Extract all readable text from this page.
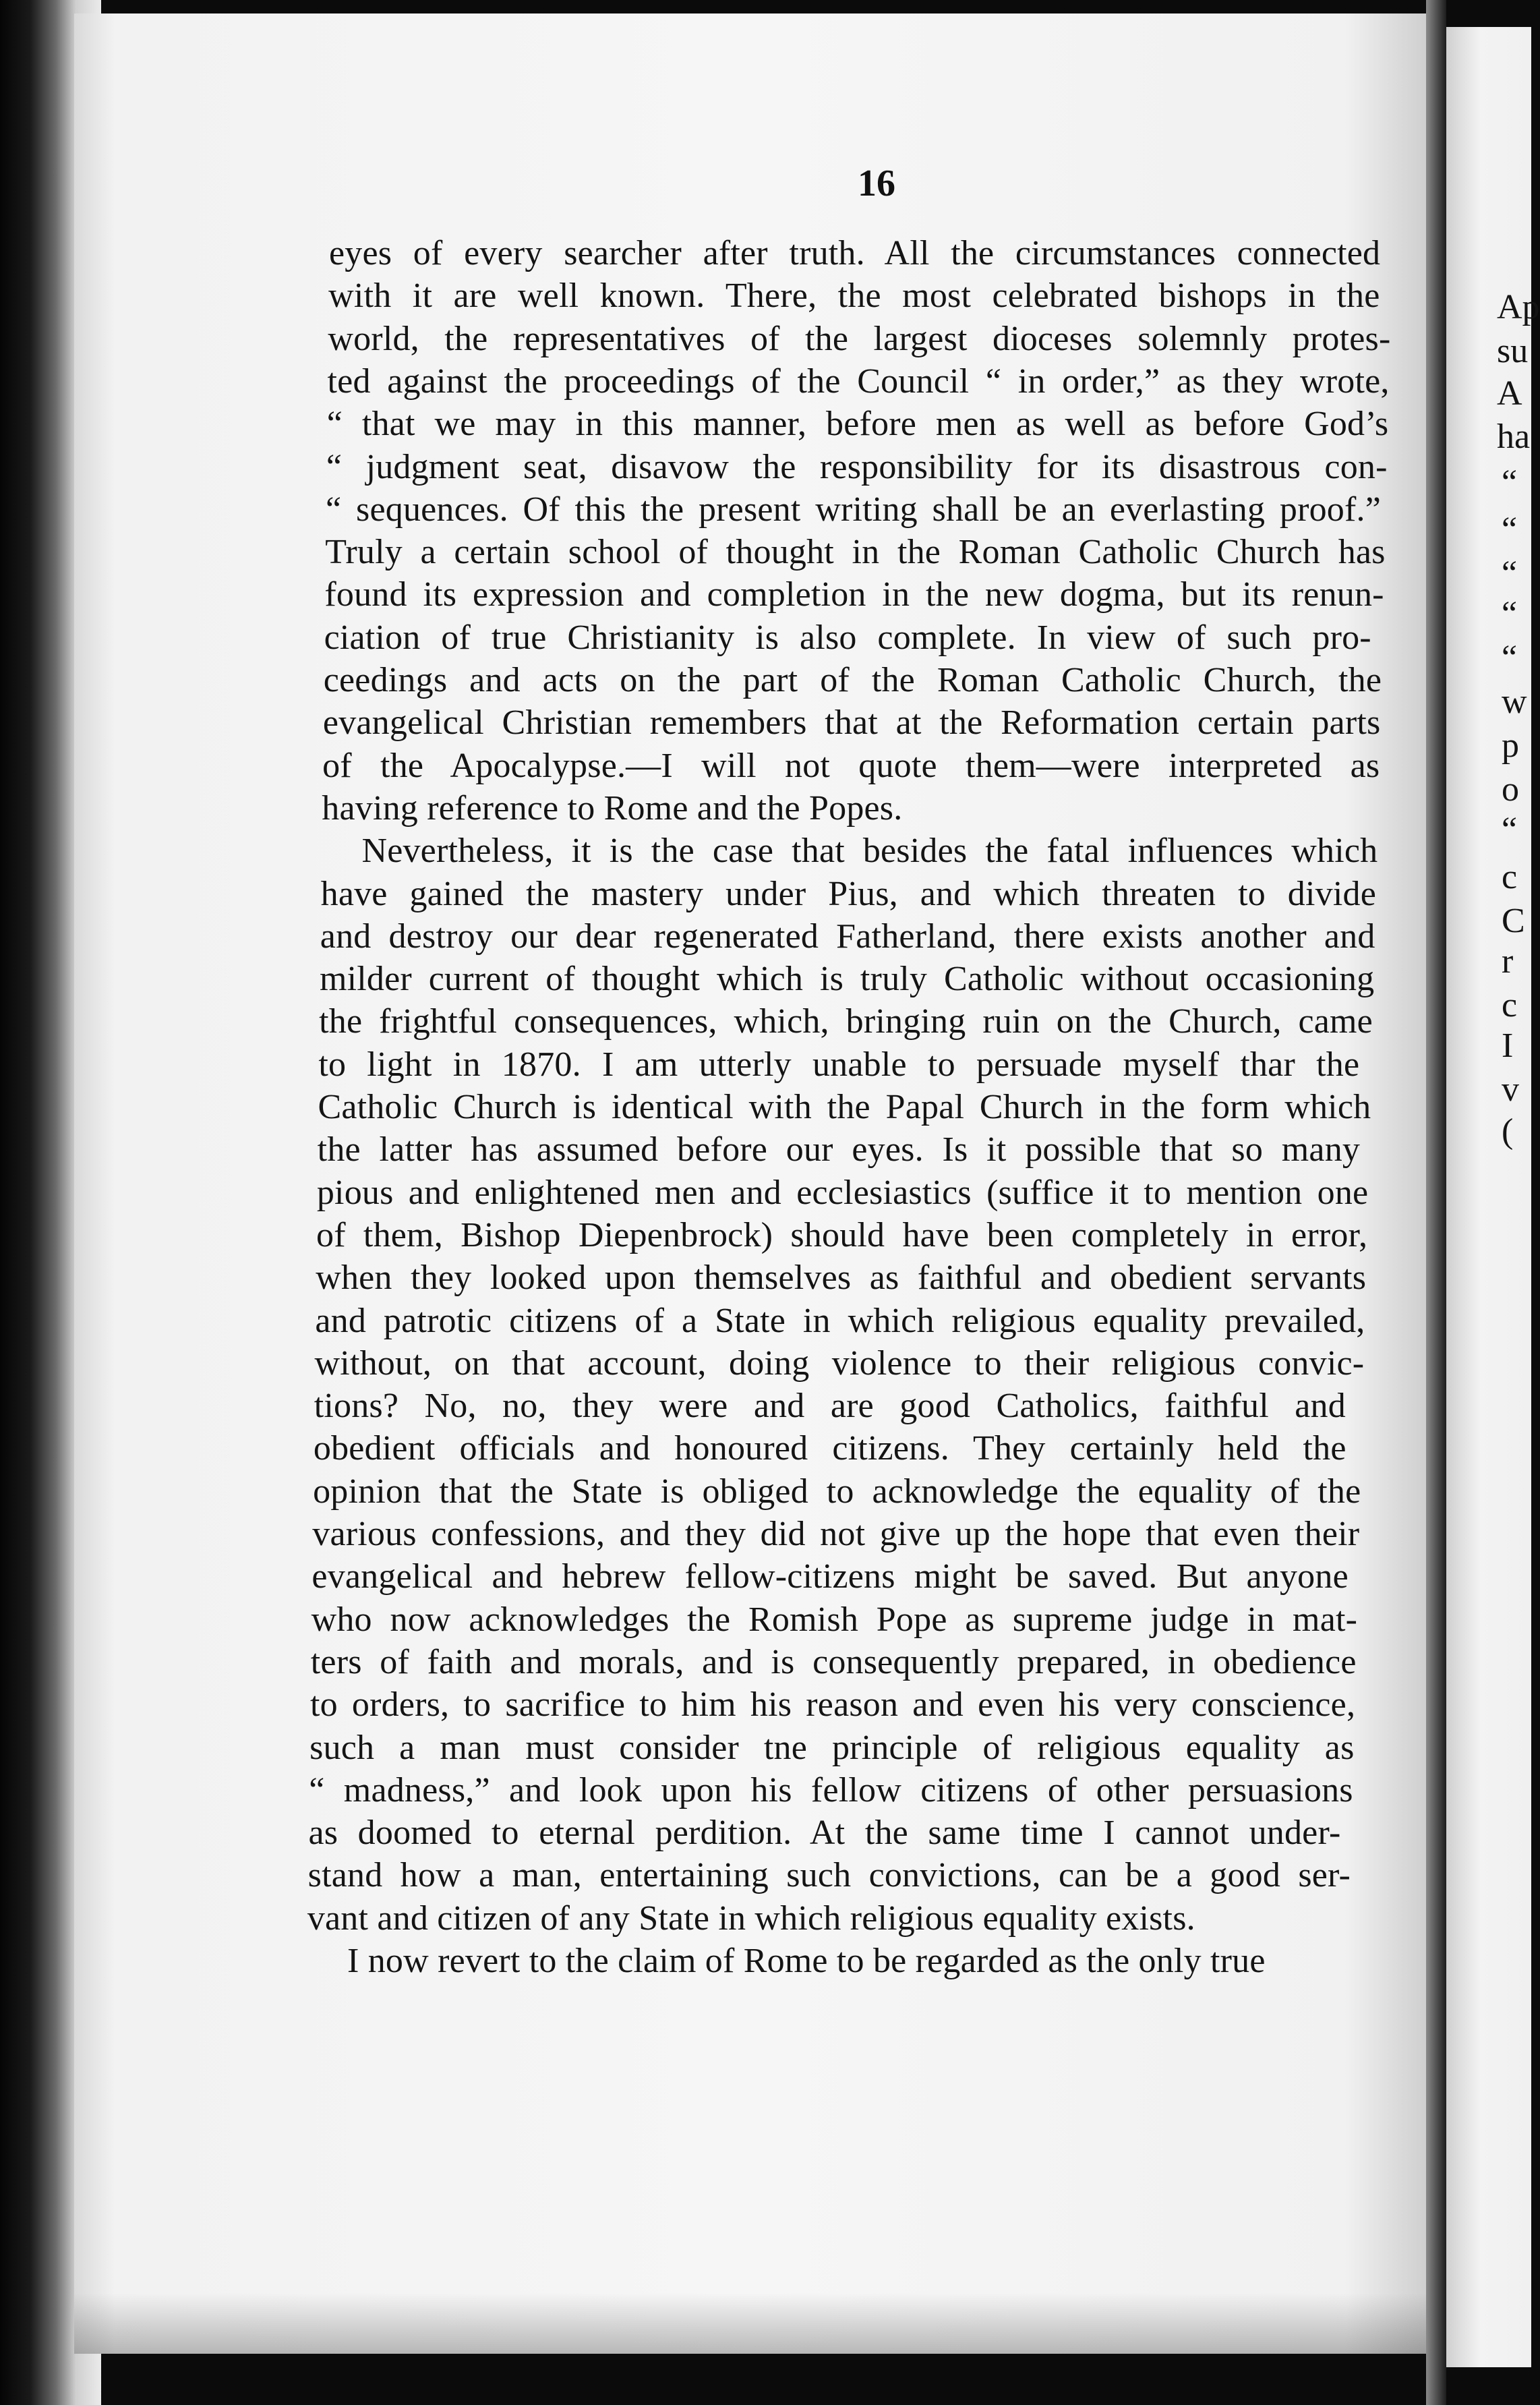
Ap
su
A
ha
“
“
“
“
“
w
p
o
“
c
C
r
c
I
v
(
16
eyes of every searcher after truth. All the circumstances connected
with it are well known. There, the most celebrated bishops in the
world, the representatives of the largest dioceses solemnly protes-
ted against the proceedings of the Council “ in order,” as they wrote,
“ that we may in this manner, before men as well as before God’s
“ judgment seat, disavow the responsibility for its disastrous con-
“ sequences. Of this the present writing shall be an everlasting proof.”
Truly a certain school of thought in the Roman Catholic Church has
found its expression and completion in the new dogma, but its renun-
ciation of true Christianity is also complete. In view of such pro-
ceedings and acts on the part of the Roman Catholic Church, the
evangelical Christian remembers that at the Reformation certain parts
of the Apocalypse.—I will not quote them—were interpreted as
having reference to Rome and the Popes.
Nevertheless, it is the case that besides the fatal influences which
have gained the mastery under Pius, and which threaten to divide
and destroy our dear regenerated Fatherland, there exists another and
milder current of thought which is truly Catholic without occasioning
the frightful consequences, which, bringing ruin on the Church, came
to light in 1870. I am utterly unable to persuade myself thar the
Catholic Church is identical with the Papal Church in the form which
the latter has assumed before our eyes. Is it possible that so many
pious and enlightened men and ecclesiastics (suffice it to mention one
of them, Bishop Diepenbrock) should have been completely in error,
when they looked upon themselves as faithful and obedient servants
and patrotic citizens of a State in which religious equality prevailed,
without, on that account, doing violence to their religious convic-
tions? No, no, they were and are good Catholics, faithful and
obedient officials and honoured citizens. They certainly held the
opinion that the State is obliged to acknowledge the equality of the
various confessions, and they did not give up the hope that even their
evangelical and hebrew fellow-citizens might be saved. But anyone
who now acknowledges the Romish Pope as supreme judge in mat-
ters of faith and morals, and is consequently prepared, in obedience
to orders, to sacrifice to him his reason and even his very conscience,
such a man must consider tne principle of religious equality as
“ madness,” and look upon his fellow citizens of other persuasions
as doomed to eternal perdition. At the same time I cannot under-
stand how a man, entertaining such convictions, can be a good ser-
vant and citizen of any State in which religious equality exists.
I now revert to the claim of Rome to be regarded as the only true
